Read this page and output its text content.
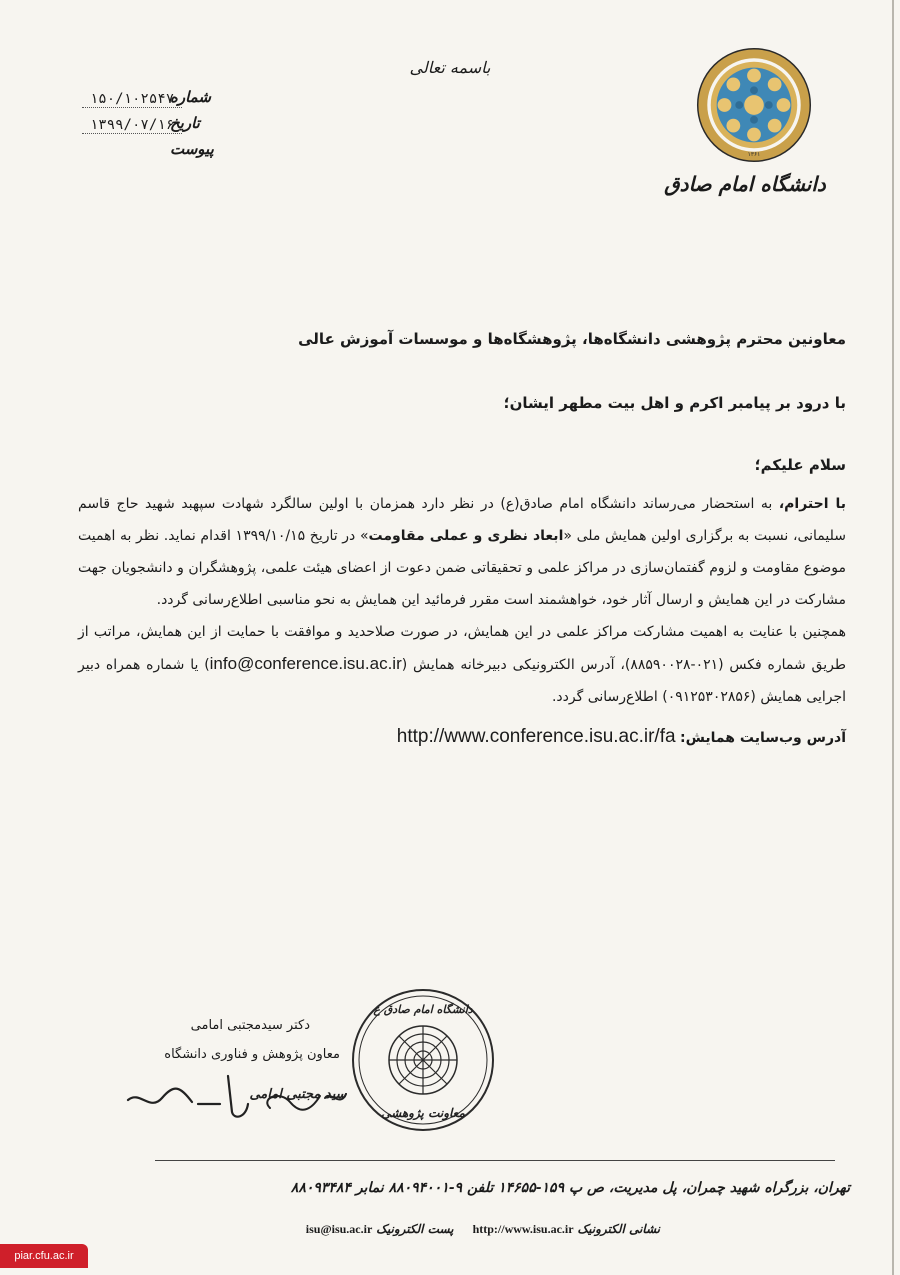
باسمه تعالی
۱۳۶۱
دانشگاه امام صادق
۱۵۰/۱۰۲۵۴۷
شماره
۱۳۹۹/۰۷/۱۶
تاریخ
پیوست

معاونین محترم پژوهشی دانشگاه‌ها، پژوهشگاه‌ها و موسسات آموزش عالی

با درود بر پیامبر اکرم و اهل بیت مطهر ایشان؛

سلام علیکم؛

با احترام، به استحضار می‌رساند دانشگاه امام صادق(ع) در نظر دارد همزمان با اولین سالگرد شهادت سپهبد شهید حاج قاسم سلیمانی، نسبت به برگزاری اولین همایش ملی «ابعاد نظری و عملی مقاومت» در تاریخ ۱۳۹۹/۱۰/۱۵ اقدام نماید. نظر به اهمیت موضوع مقاومت و لزوم گفتمان‌سازی در مراکز علمی و تحقیقاتی ضمن دعوت از اعضای هیئت علمی، پژوهشگران و دانشجویان جهت مشارکت در این همایش و ارسال آثار خود، خواهشمند است مقرر فرمائید این همایش به نحو مناسبی اطلاع‌رسانی گردد.

همچنین با عنایت به اهمیت مشارکت مراکز علمی در این همایش، در صورت صلاحدید و موافقت با حمایت از این همایش، مراتب از طریق شماره فکس (۰۲۱-۸۸۵۹۰۰۲۸)، آدرس الکترونیکی دبیرخانه همایش (info@conference.isu.ac.ir) یا شماره همراه دبیر اجرایی همایش (۰۹۱۲۵۳۰۲۸۵۶) اطلاع‌رسانی گردد.

آدرس وب‌سایت همایش: http://www.conference.isu.ac.ir/fa

دکتر سیدمجتبی امامی

معاون پژوهش و فناوری دانشگاه

سید مجتبی امامی
دانشگاه امام صادق ع
معاونت پژوهشی
تهران، بزرگراه شهید چمران، پل مدیریت، ص پ ۱۵۹-۱۴۶۵۵ تلفن ۹-۸۸۰۹۴۰۰۱ نمابر ۸۸۰۹۳۴۸۴
نشانی الکترونیک http://www.isu.ac.ir     پست الکترونیک isu@isu.ac.ir
piar.cfu.ac.ir
